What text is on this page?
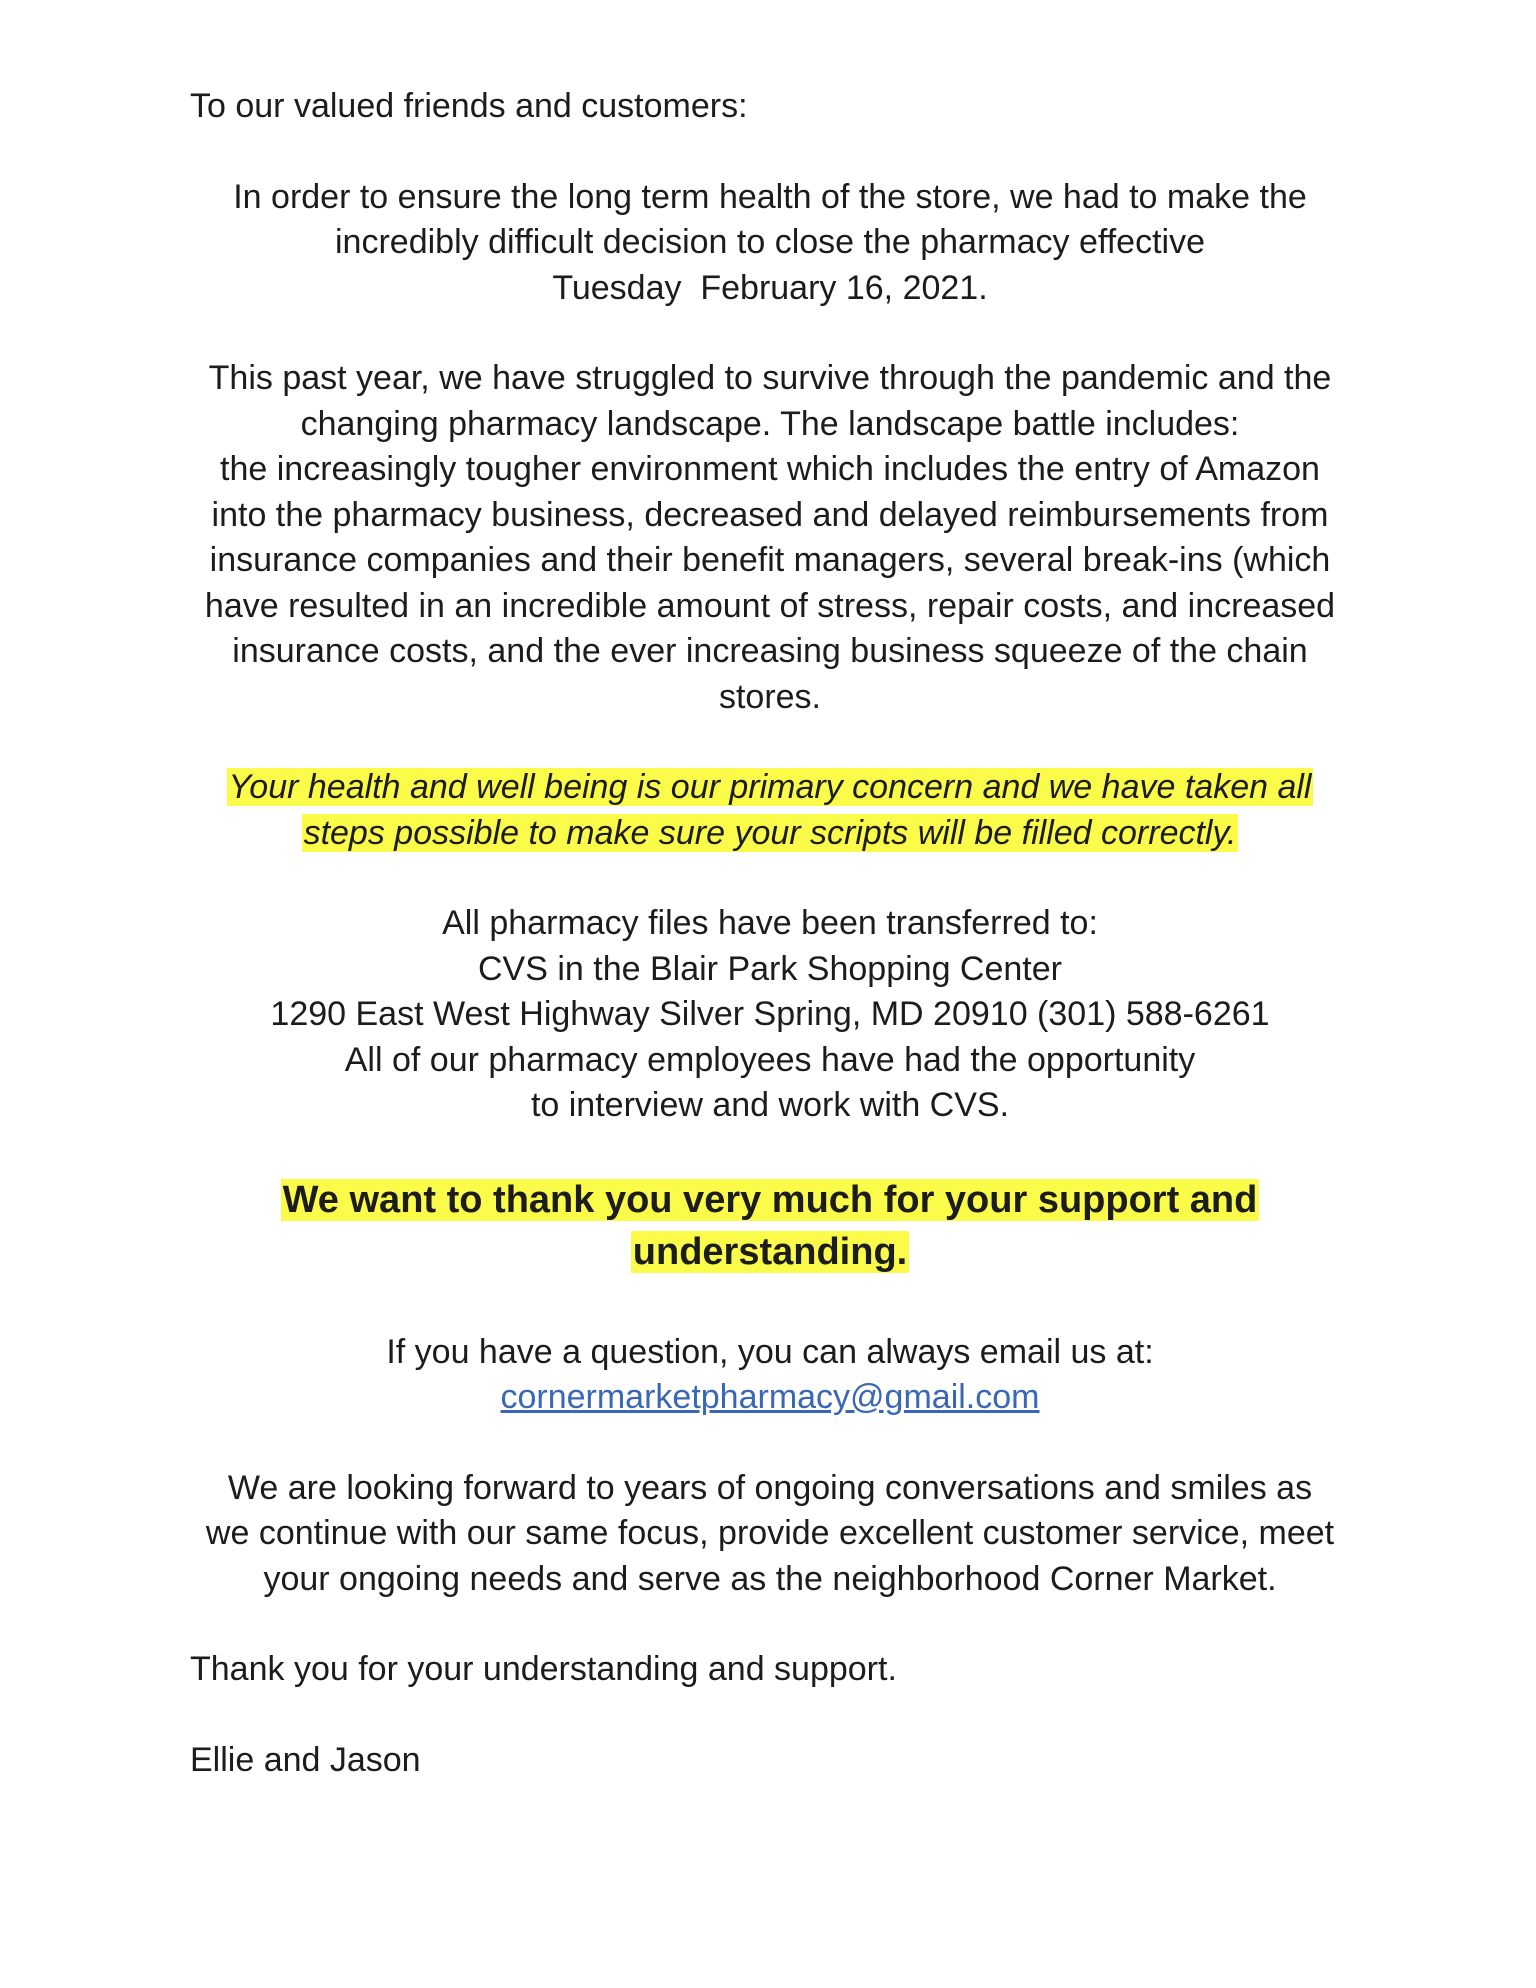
To our valued friends and customers:

In order to ensure the long term health of the store, we had to make the
incredibly difficult decision to close the pharmacy effective
Tuesday  February 16, 2021.
This past year, we have struggled to survive through the pandemic and the
changing pharmacy landscape. The landscape battle includes:
the increasingly tougher environment which includes the entry of Amazon
into the pharmacy business, decreased and delayed reimbursements from
insurance companies and their benefit managers, several break-ins (which
have resulted in an incredible amount of stress, repair costs, and increased
insurance costs, and the ever increasing business squeeze of the chain
stores.
Your health and well being is our primary concern and we have taken all
steps possible to make sure your scripts will be filled correctly.
All pharmacy files have been transferred to:
CVS in the Blair Park Shopping Center
1290 East West Highway Silver Spring, MD 20910 (301) 588-6261
All of our pharmacy employees have had the opportunity
to interview and work with CVS.
We want to thank you very much for your support and
understanding.
If you have a question, you can always email us at:
cornermarketpharmacy@gmail.com
We are looking forward to years of ongoing conversations and smiles as
we continue with our same focus, provide excellent customer service, meet
your ongoing needs and serve as the neighborhood Corner Market.

Thank you for your understanding and support.

Ellie and Jason
